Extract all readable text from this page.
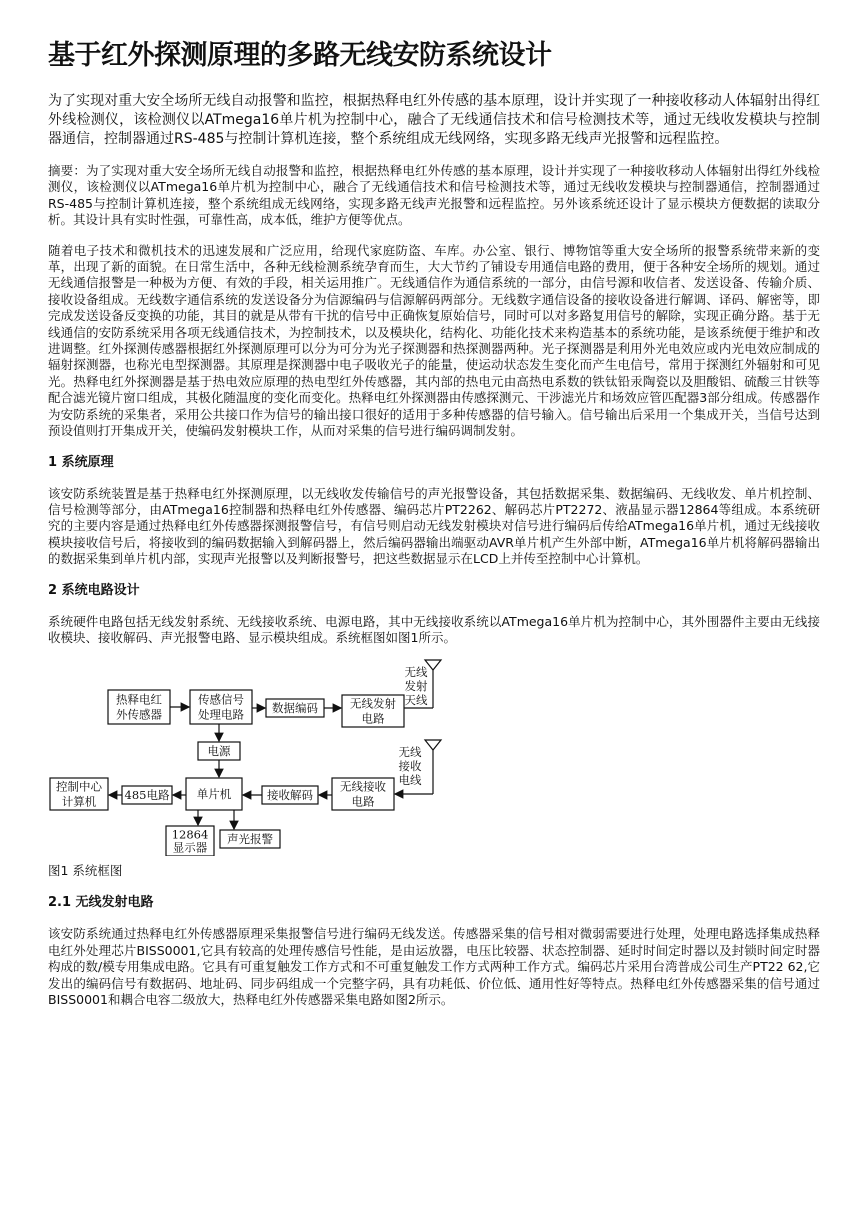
基于红外探测原理的多路无线安防系统设计
为了实现对重大安全场所无线自动报警和监控，根据热释电红外传感的基本原理，设计并实现了一种接收移动人体辐射出得红外线检测仪，该检测仪以ATmega16单片机为控制中心，融合了无线通信技术和信号检测技术等，通过无线收发模块与控制器通信，控制器通过RS-485与控制计算机连接，整个系统组成无线网络，实现多路无线声光报警和远程监控。
摘要：为了实现对重大安全场所无线自动报警和监控，根据热释电红外传感的基本原理，设计并实现了一种接收移动人体辐射出得红外线检测仪，该检测仪以ATmega16单片机为控制中心，融合了无线通信技术和信号检测技术等，通过无线收发模块与控制器通信，控制器通过RS-485与控制计算机连接，整个系统组成无线网络，实现多路无线声光报警和远程监控。另外该系统还设计了显示模块方便数据的读取分析。其设计具有实时性强，可靠性高，成本低，维护方便等优点。
随着电子技术和微机技术的迅速发展和广泛应用，给现代家庭防盗、车库。办公室、银行、博物馆等重大安全场所的报警系统带来新的变革，出现了新的面貌。在日常生活中，各种无线检测系统孕育而生，大大节约了铺设专用通信电路的费用，便于各种安全场所的规划。通过无线通信报警是一种极为方便、有效的手段，相关运用推广。无线通信作为通信系统的一部分，由信号源和收信者、发送设备、传输介质、接收设备组成。无线数字通信系统的发送设备分为信源编码与信源解码两部分。无线数字通信设备的接收设备进行解调、译码、解密等，即完成发送设备反变换的功能，其目的就是从带有干扰的信号中正确恢复原始信号，同时可以对多路复用信号的解除，实现正确分路。基于无线通信的安防系统采用各项无线通信技术，为控制技术，以及模块化，结构化、功能化技术来构造基本的系统功能，是该系统便于维护和改进调整。红外探测传感器根据红外探测原理可以分为可分为光子探测器和热探测器两种。光子探测器是利用外光电效应或内光电效应制成的辐射探测器，也称光电型探测器。其原理是探测器中电子吸收光子的能量，使运动状态发生变化而产生电信号，常用于探测红外辐射和可见光。热释电红外探测器是基于热电效应原理的热电型红外传感器，其内部的热电元由高热电系数的铁钛铅汞陶瓷以及胆酸铝、硫酸三甘铁等配合滤光镜片窗口组成，其极化随温度的变化而变化。热释电红外探测器由传感探测元、干涉滤光片和场效应管匹配器3部分组成。传感器作为安防系统的采集者，采用公共接口作为信号的输出接口很好的适用于多种传感器的信号输入。信号输出后采用一个集成开关，当信号达到预设值则打开集成开关，使编码发射模块工作，从而对采集的信号进行编码调制发射。
1 系统原理
该安防系统装置是基于热释电红外探测原理，以无线收发传输信号的声光报警设备，其包括数据采集、数据编码、无线收发、单片机控制、信号检测等部分，由ATmega16控制器和热释电红外传感器、编码芯片PT2262、解码芯片PT2272、液晶显示器12864等组成。本系统研究的主要内容是通过热释电红外传感器探测报警信号，有信号则启动无线发射模块对信号进行编码后传给ATmega16单片机，通过无线接收模块接收信号后，将接收到的编码数据输入到解码器上，然后编码器输出端驱动AVR单片机产生外部中断，ATmega16单片机将解码器输出的数据采集到单片机内部，实现声光报警以及判断报警号，把这些数据显示在LCD上并传至控制中心计算机。
2 系统电路设计
系统硬件电路包括无线发射系统、无线接收系统、电源电路，其中无线接收系统以ATmega16单片机为控制中心，其外围器件主要由无线接收模块、接收解码、声光报警电路、显示模块组成。系统框图如图1所示。
热释电红
外传感器
传感信号
处理电路 数据编码	无线发射
电路
无线
发射
天线
电源	无线
接收
电线
控制中心
计算机 485电路 单片机	接收解码
无线接收
电路
12864
显示器
声光报警
图1 系统框图
2.1 无线发射电路
该安防系统通过热释电红外传感器原理采集报警信号进行编码无线发送。传感器采集的信号相对微弱需要进行处理，处理电路选择集成热释电红外处理芯片BISS0001,它具有较高的处理传感信号性能，是由运放器，电压比较器、状态控制器、延时时间定时器以及封锁时间定时器构成的数/模专用集成电路。它具有可重复触发工作方式和不可重复触发工作方式两种工作方式。编码芯片采用台湾普成公司生产PT22 62,它发出的编码信号有数据码、地址码、同步码组成一个完整字码，具有功耗低、价位低、通用性好等特点。热释电红外传感器采集的信号通过BISS0001和耦合电容二级放大，热释电红外传感器采集电路如图2所示。
